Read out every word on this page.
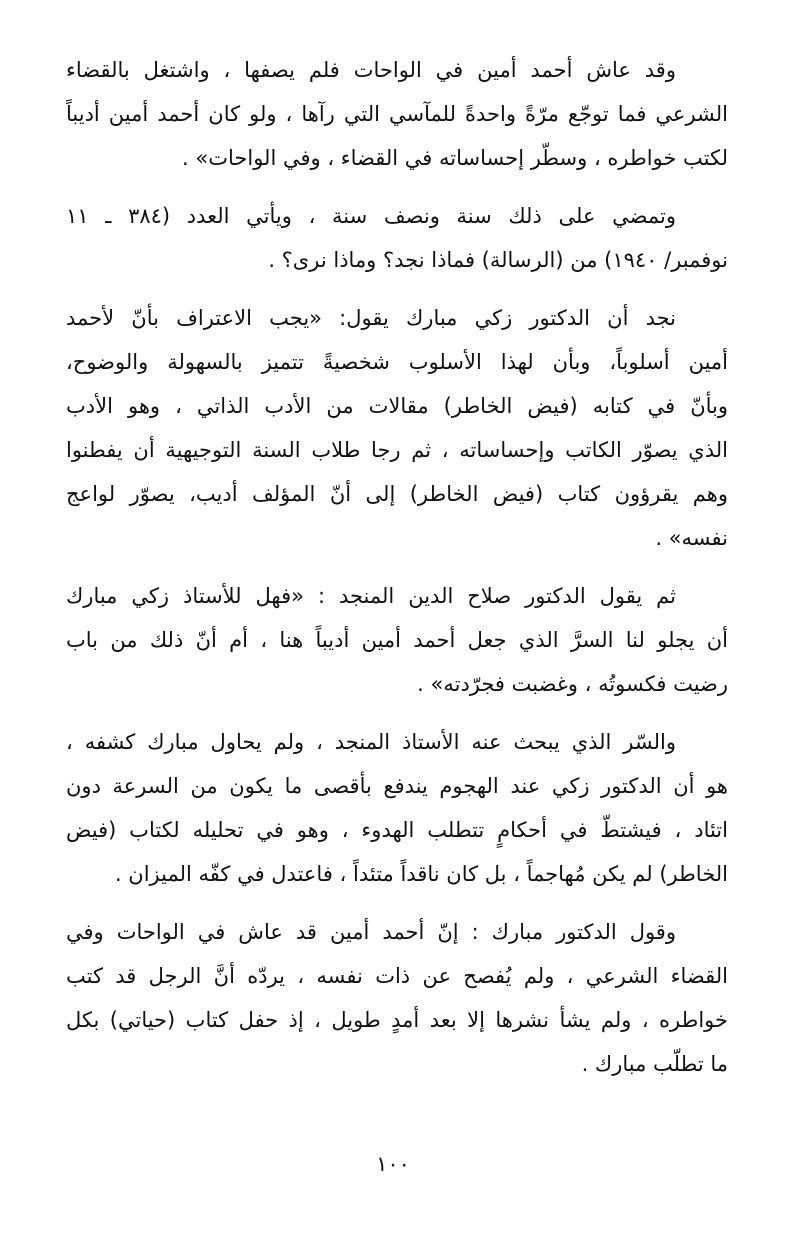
وقد عاش أحمد أمين في الواحات فلم يصفها ، واشتغل بالقضاء
الشرعي فما توجّع مرّةً واحدةً للمآسي التي رآها ، ولو كان أحمد أمين أديباً
لكتب خواطره ، وسطّر إحساساته في القضاء ، وفي الواحات» .
وتمضي على ذلك سنة ونصف سنة ، ويأتي العدد (٣٨٤ ـ ١١
نوفمبر/ ١٩٤٠) من (الرسالة) فماذا نجد؟ وماذا نرى؟ .
نجد أن الدكتور زكي مبارك يقول: «يجب الاعتراف بأنّ لأحمد
أمين أسلوباً، وبأن لهذا الأسلوب شخصيةً تتميز بالسهولة والوضوح،
وبأنّ في كتابه (فيض الخاطر) مقالات من الأدب الذاتي ، وهو الأدب
الذي يصوّر الكاتب وإحساساته ، ثم رجا طلاب السنة التوجيهية أن يفطنوا
وهم يقرؤون كتاب (فيض الخاطر) إلى أنّ المؤلف أديب، يصوّر لواعج
نفسه» .
ثم يقول الدكتور صلاح الدين المنجد : «فهل للأستاذ زكي مبارك
أن يجلو لنا السرَّ الذي جعل أحمد أمين أديباً هنا ، أم أنّ ذلك من باب
رضيت فكسوتُه ، وغضبت فجرّدته» .
والسّر الذي يبحث عنه الأستاذ المنجد ، ولم يحاول مبارك كشفه ،
هو أن الدكتور زكي عند الهجوم يندفع بأقصى ما يكون من السرعة دون
اتئاد ، فيشتطّ في أحكامٍ تتطلب الهدوء ، وهو في تحليله لكتاب (فيض
الخاطر) لم يكن مُهاجماً ، بل كان ناقداً متئداً ، فاعتدل في كفّه الميزان .
وقول الدكتور مبارك : إنّ أحمد أمين قد عاش في الواحات وفي
القضاء الشرعي ، ولم يُفصح عن ذات نفسه ، يردّه أنَّ الرجل قد كتب
خواطره ، ولم يشأ نشرها إلا بعد أمدٍ طويل ، إذ حفل كتاب (حياتي) بكل
ما تطلّب مبارك .
١٠٠
